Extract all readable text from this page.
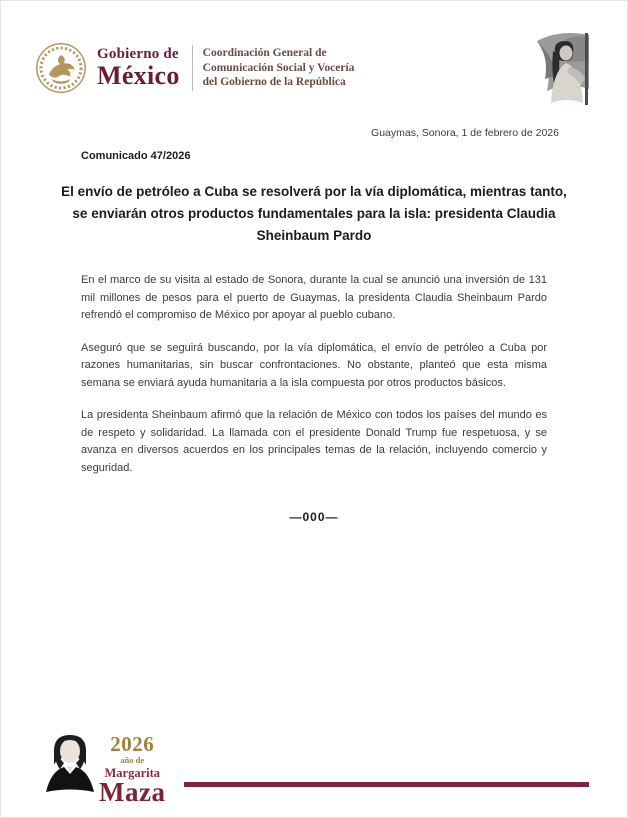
Gobierno de
México
Coordinación General de
Comunicación Social y Vocería
del Gobierno de la República
Guaymas, Sonora, 1 de febrero de 2026
Comunicado 47/2026
El envío de petróleo a Cuba se resolverá por la vía diplomática, mientras tanto, se enviarán otros productos fundamentales para la isla: presidenta Claudia Sheinbaum Pardo

En el marco de su visita al estado de Sonora, durante la cual se anunció una inversión de 131 mil millones de pesos para el puerto de Guaymas, la presidenta Claudia Sheinbaum Pardo refrendó el compromiso de México por apoyar al pueblo cubano.

Aseguró que se seguirá buscando, por la vía diplomática, el envío de petróleo a Cuba por razones humanitarias, sin buscar confrontaciones. No obstante, planteó que esta misma semana se enviará ayuda humanitaria a la isla compuesta por otros productos básicos.

La presidenta Sheinbaum afirmó que la relación de México con todos los países del mundo es de respeto y solidaridad. La llamada con el presidente Donald Trump fue respetuosa, y se avanza en diversos acuerdos en los principales temas de la relación, incluyendo comercio y seguridad.

—000—
2026
año de
Margarita
Maza
